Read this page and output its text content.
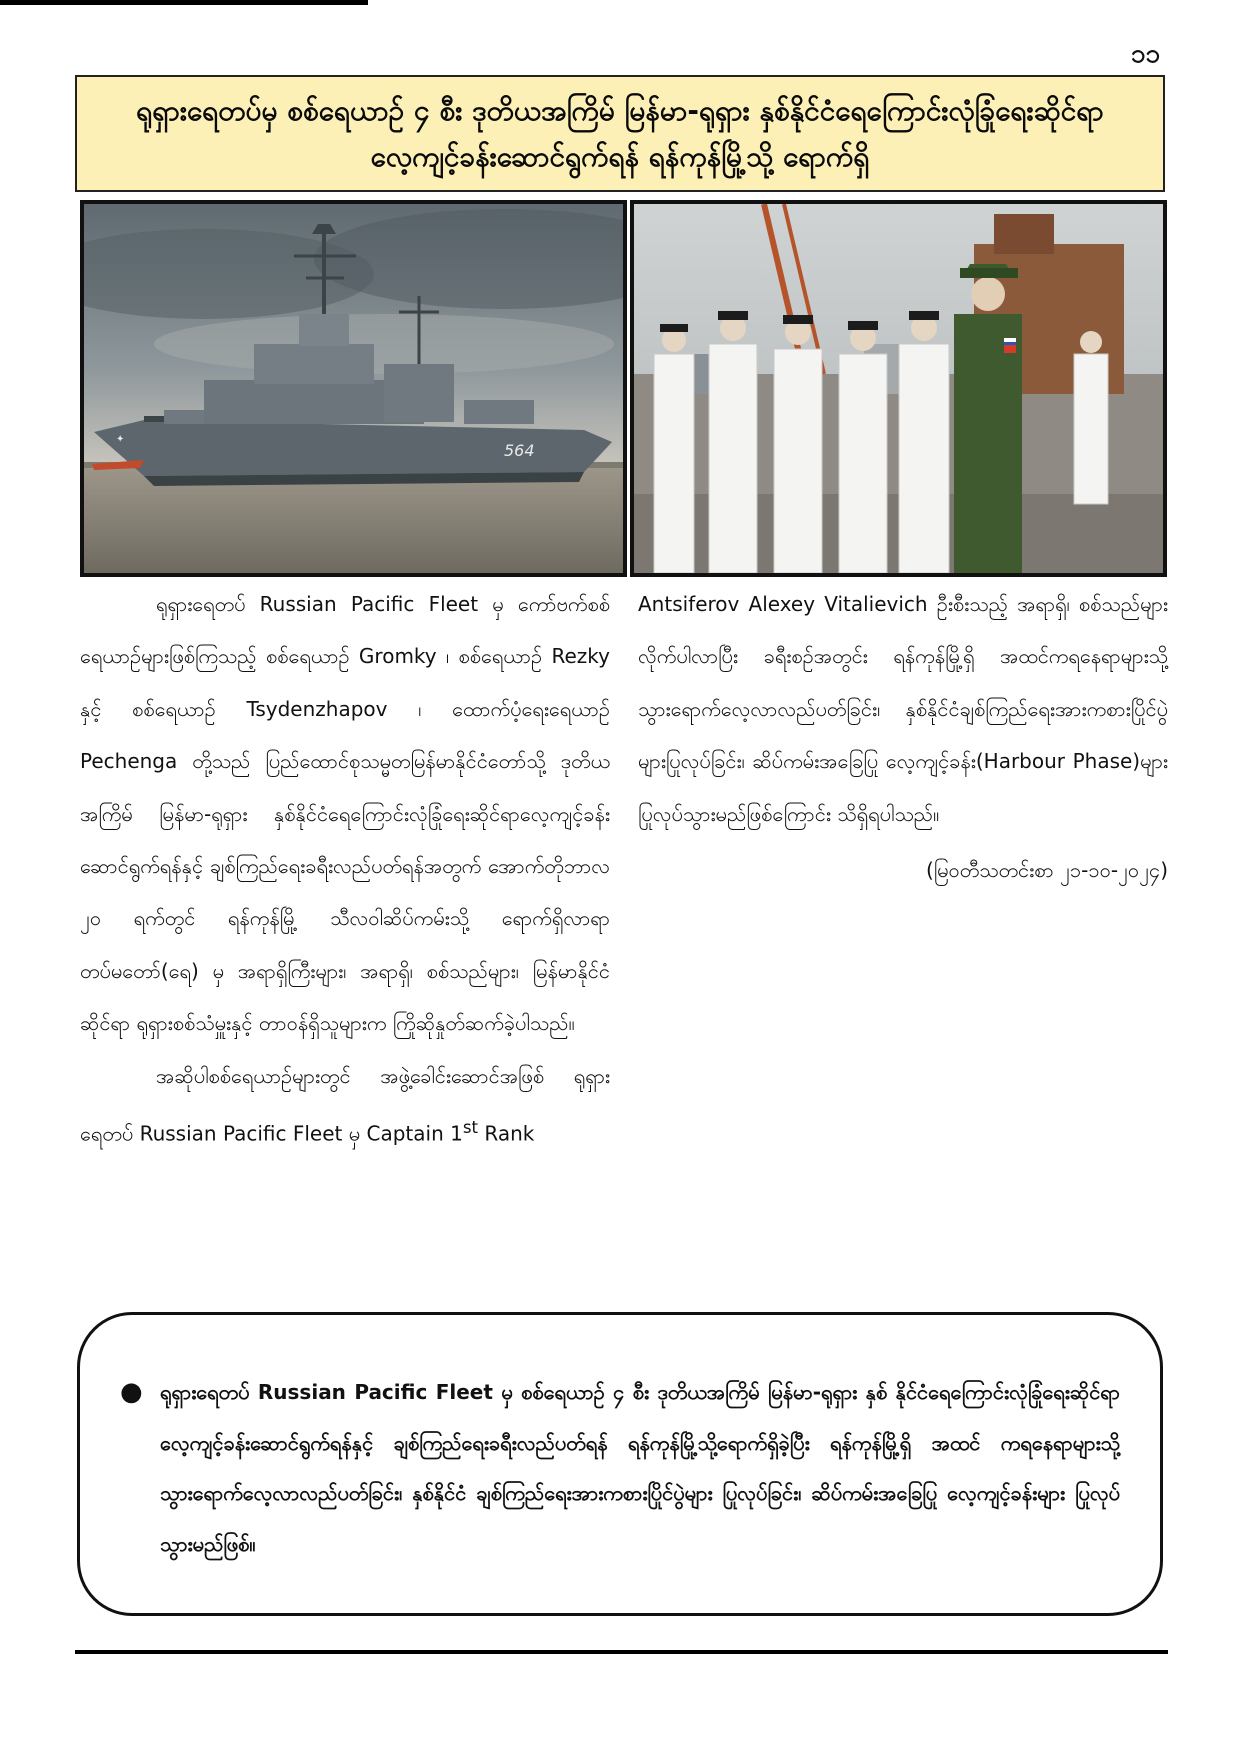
၁၁
ရုရှားရေတပ်မှ စစ်ရေယာဉ် ၄ စီး ဒုတိယအကြိမ် မြန်မာ-ရုရှား နှစ်နိုင်ငံရေကြောင်းလုံခြုံရေးဆိုင်ရာ လေ့ကျင့်ခန်းဆောင်ရွက်ရန် ရန်ကုန်မြို့သို့ ရောက်ရှိ
✦
564

ရုရှားရေတပ် Russian Pacific Fleet မှ ကော်ဗက်စစ်ရေယာဉ်များဖြစ်ကြသည့် စစ်ရေယာဉ် Gromky ၊ စစ်ရေယာဉ် Rezky နှင့် စစ်ရေယာဉ် Tsydenzhapov ၊ ထောက်ပံ့ရေးရေယာဉ် Pechenga တို့သည် ပြည်ထောင်စုသမ္မတမြန်မာနိုင်ငံတော်သို့ ဒုတိယအကြိမ် မြန်မာ-ရုရှား နှစ်နိုင်ငံရေကြောင်းလုံခြုံရေးဆိုင်ရာလေ့ကျင့်ခန်းဆောင်ရွက်ရန်နှင့် ချစ်ကြည်ရေးခရီးလည်ပတ်ရန်အတွက် အောက်တိုဘာလ ၂၀ ရက်တွင် ရန်ကုန်မြို့ သီလဝါဆိပ်ကမ်းသို့ ရောက်ရှိလာရာ တပ်မတော်(ရေ) မှ အရာရှိကြီးများ၊ အရာရှိ၊ စစ်သည်များ၊ မြန်မာနိုင်ငံဆိုင်ရာ ရုရှားစစ်သံမှူးနှင့် တာဝန်ရှိသူများက ကြိုဆိုနှုတ်ဆက်ခဲ့ပါသည်။

အဆိုပါစစ်ရေယာဉ်များတွင် အဖွဲ့ခေါင်းဆောင်အဖြစ် ရုရှားရေတပ် Russian Pacific Fleet မှ Captain 1st Rank

Antsiferov Alexey Vitalievich ဦးစီးသည့် အရာရှိ၊ စစ်သည်များလိုက်ပါလာပြီး ခရီးစဉ်အတွင်း ရန်ကုန်မြို့ရှိ အထင်ကရနေရာများသို့ သွားရောက်လေ့လာလည်ပတ်ခြင်း၊ နှစ်နိုင်ငံချစ်ကြည်ရေးအားကစားပြိုင်ပွဲများပြုလုပ်ခြင်း၊ ဆိပ်ကမ်းအခြေပြု လေ့ကျင့်ခန်း(Harbour Phase)များ ပြုလုပ်သွားမည်ဖြစ်ကြောင်း သိရှိရပါသည်။

(မြဝတီသတင်းစာ ၂၁-၁၀-၂၀၂၄)

● ရုရှားရေတပ် Russian Pacific Fleet မှ စစ်ရေယာဉ် ၄ စီး ဒုတိယအကြိမ် မြန်မာ-ရုရှား နှစ် နိုင်ငံရေကြောင်းလုံခြုံရေးဆိုင်ရာ လေ့ကျင့်ခန်းဆောင်ရွက်ရန်နှင့် ချစ်ကြည်ရေးခရီးလည်ပတ်ရန် ရန်ကုန်မြို့သို့ရောက်ရှိခဲ့ပြီး ရန်ကုန်မြို့ရှိ အထင် ကရနေရာများသို့ သွားရောက်လေ့လာလည်ပတ်ခြင်း၊ နှစ်နိုင်ငံ ချစ်ကြည်ရေးအားကစားပြိုင်ပွဲများ ပြုလုပ်ခြင်း၊ ဆိပ်ကမ်းအခြေပြု လေ့ကျင့်ခန်းများ ပြုလုပ်သွားမည်ဖြစ်။
